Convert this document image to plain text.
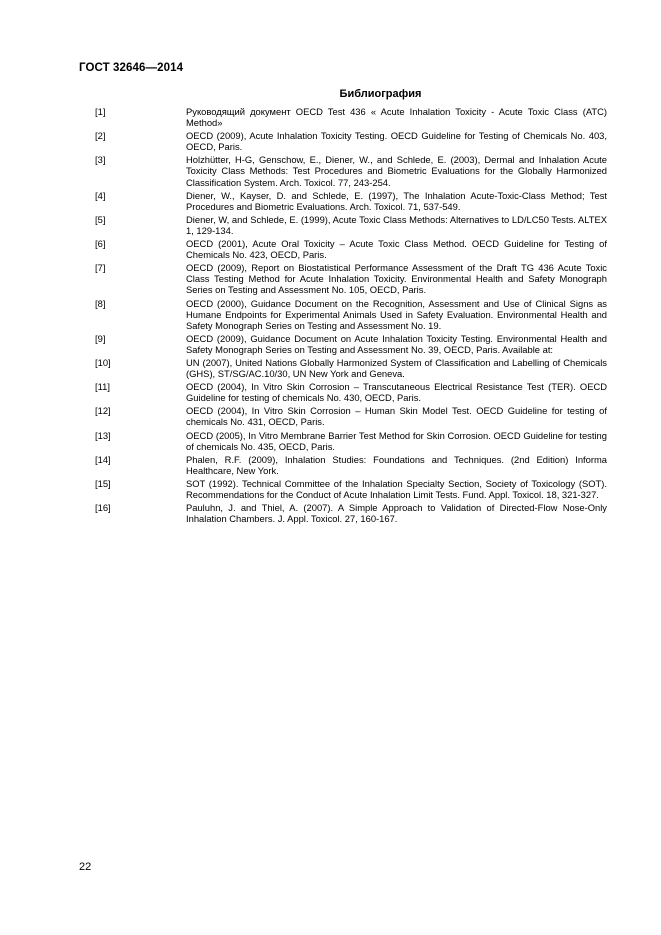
ГОСТ 32646—2014
Библиография
[1]	Руководящий документ OECD Test 436 « Acute Inhalation Toxicity - Acute Toxic Class (ATC) Method»
[2]	OECD (2009), Acute Inhalation Toxicity Testing. OECD Guideline for Testing of Chemicals No. 403, OECD, Paris.
[3]	Holzhütter, H-G, Genschow, E., Diener, W., and Schlede, E. (2003), Dermal and Inhalation Acute Toxicity Class Methods: Test Procedures and Biometric Evaluations for the Globally Harmonized Classification System. Arch. Toxicol. 77, 243-254.
[4]	Diener, W., Kayser, D. and Schlede, E. (1997), The Inhalation Acute-Toxic-Class Method; Test Procedures and Biometric Evaluations. Arch. Toxicol. 71, 537-549.
[5]	Diener, W, and Schlede, E. (1999), Acute Toxic Class Methods: Alternatives to LD/LC50 Tests. ALTEX 1, 129-134.
[6]	OECD (2001), Acute Oral Toxicity – Acute Toxic Class Method. OECD Guideline for Testing of Chemicals No. 423, OECD, Paris.
[7]	OECD (2009), Report on Biostatistical Performance Assessment of the Draft TG 436 Acute Toxic Class Testing Method for Acute Inhalation Toxicity. Environmental Health and Safety Monograph Series on Testing and Assessment No. 105, OECD, Paris.
[8]	OECD (2000), Guidance Document on the Recognition, Assessment and Use of Clinical Signs as Humane Endpoints for Experimental Animals Used in Safety Evaluation. Environmental Health and Safety Monograph Series on Testing and Assessment No. 19.
[9]	OECD (2009), Guidance Document on Acute Inhalation Toxicity Testing. Environmental Health and Safety Monograph Series on Testing and Assessment No. 39, OECD, Paris. Available at:
[10]	UN (2007), United Nations Globally Harmonized System of Classification and Labelling of Chemicals (GHS), ST/SG/AC.10/30, UN New York and Geneva.
[11]	OECD (2004), In Vitro Skin Corrosion – Transcutaneous Electrical Resistance Test (TER). OECD Guideline for testing of chemicals No. 430, OECD, Paris.
[12]	OECD (2004), In Vitro Skin Corrosion – Human Skin Model Test. OECD Guideline for testing of chemicals No. 431, OECD, Paris.
[13]	OECD (2005), In Vitro Membrane Barrier Test Method for Skin Corrosion. OECD Guideline for testing of chemicals No. 435, OECD, Paris.
[14]	Phalen, R.F. (2009), Inhalation Studies: Foundations and Techniques. (2nd Edition) Informa Healthcare, New York.
[15]	SOT (1992). Technical Committee of the Inhalation Specialty Section, Society of Toxicology (SOT). Recommendations for the Conduct of Acute Inhalation Limit Tests. Fund. Appl. Toxicol. 18, 321-327.
[16]	Pauluhn, J. and Thiel, A. (2007). A Simple Approach to Validation of Directed-Flow Nose-Only Inhalation Chambers. J. Appl. Toxicol. 27, 160-167.
22
